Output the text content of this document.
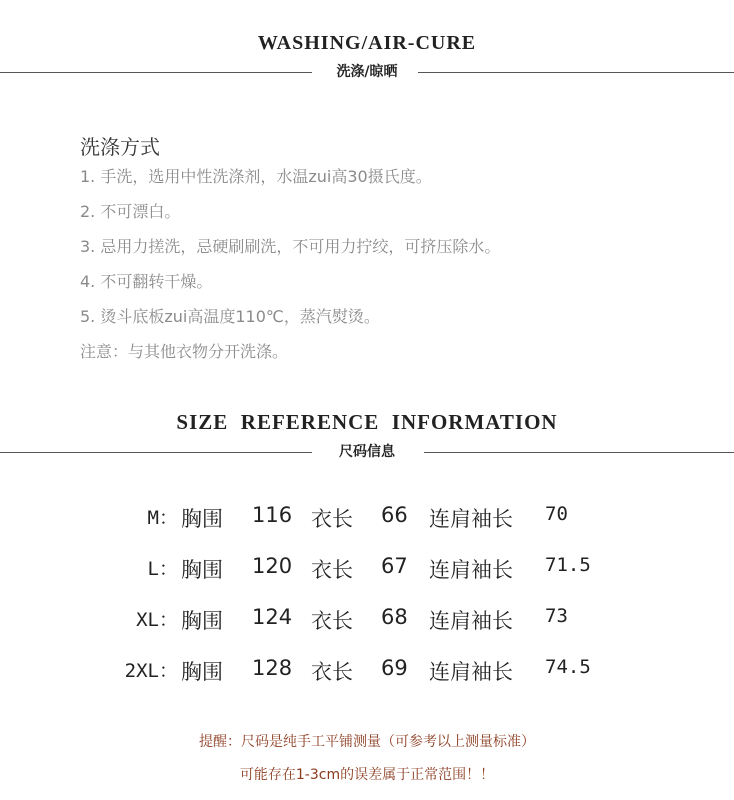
WASHING/AIR-CURE
洗涤/晾晒
洗涤方式
1. 手洗，选用中性洗涤剂，水温zui高30摄氏度。
2. 不可漂白。
3. 忌用力搓洗，忌硬刷刷洗，不可用力拧绞，可挤压除水。
4. 不可翻转干燥。
5. 烫斗底板zui高温度110℃，蒸汽熨烫。
注意：与其他衣物分开洗涤。
SIZE  REFERENCE  INFORMATION
尺码信息
M： 胸围 116 衣长 66 连肩袖长 70
L： 胸围 120 衣长 67 连肩袖长 71.5
XL： 胸围 124 衣长 68 连肩袖长 73
2XL： 胸围 128 衣长 69 连肩袖长 74.5
提醒：尺码是纯手工平铺测量（可参考以上测量标准）
可能存在1-3cm的误差属于正常范围！！
